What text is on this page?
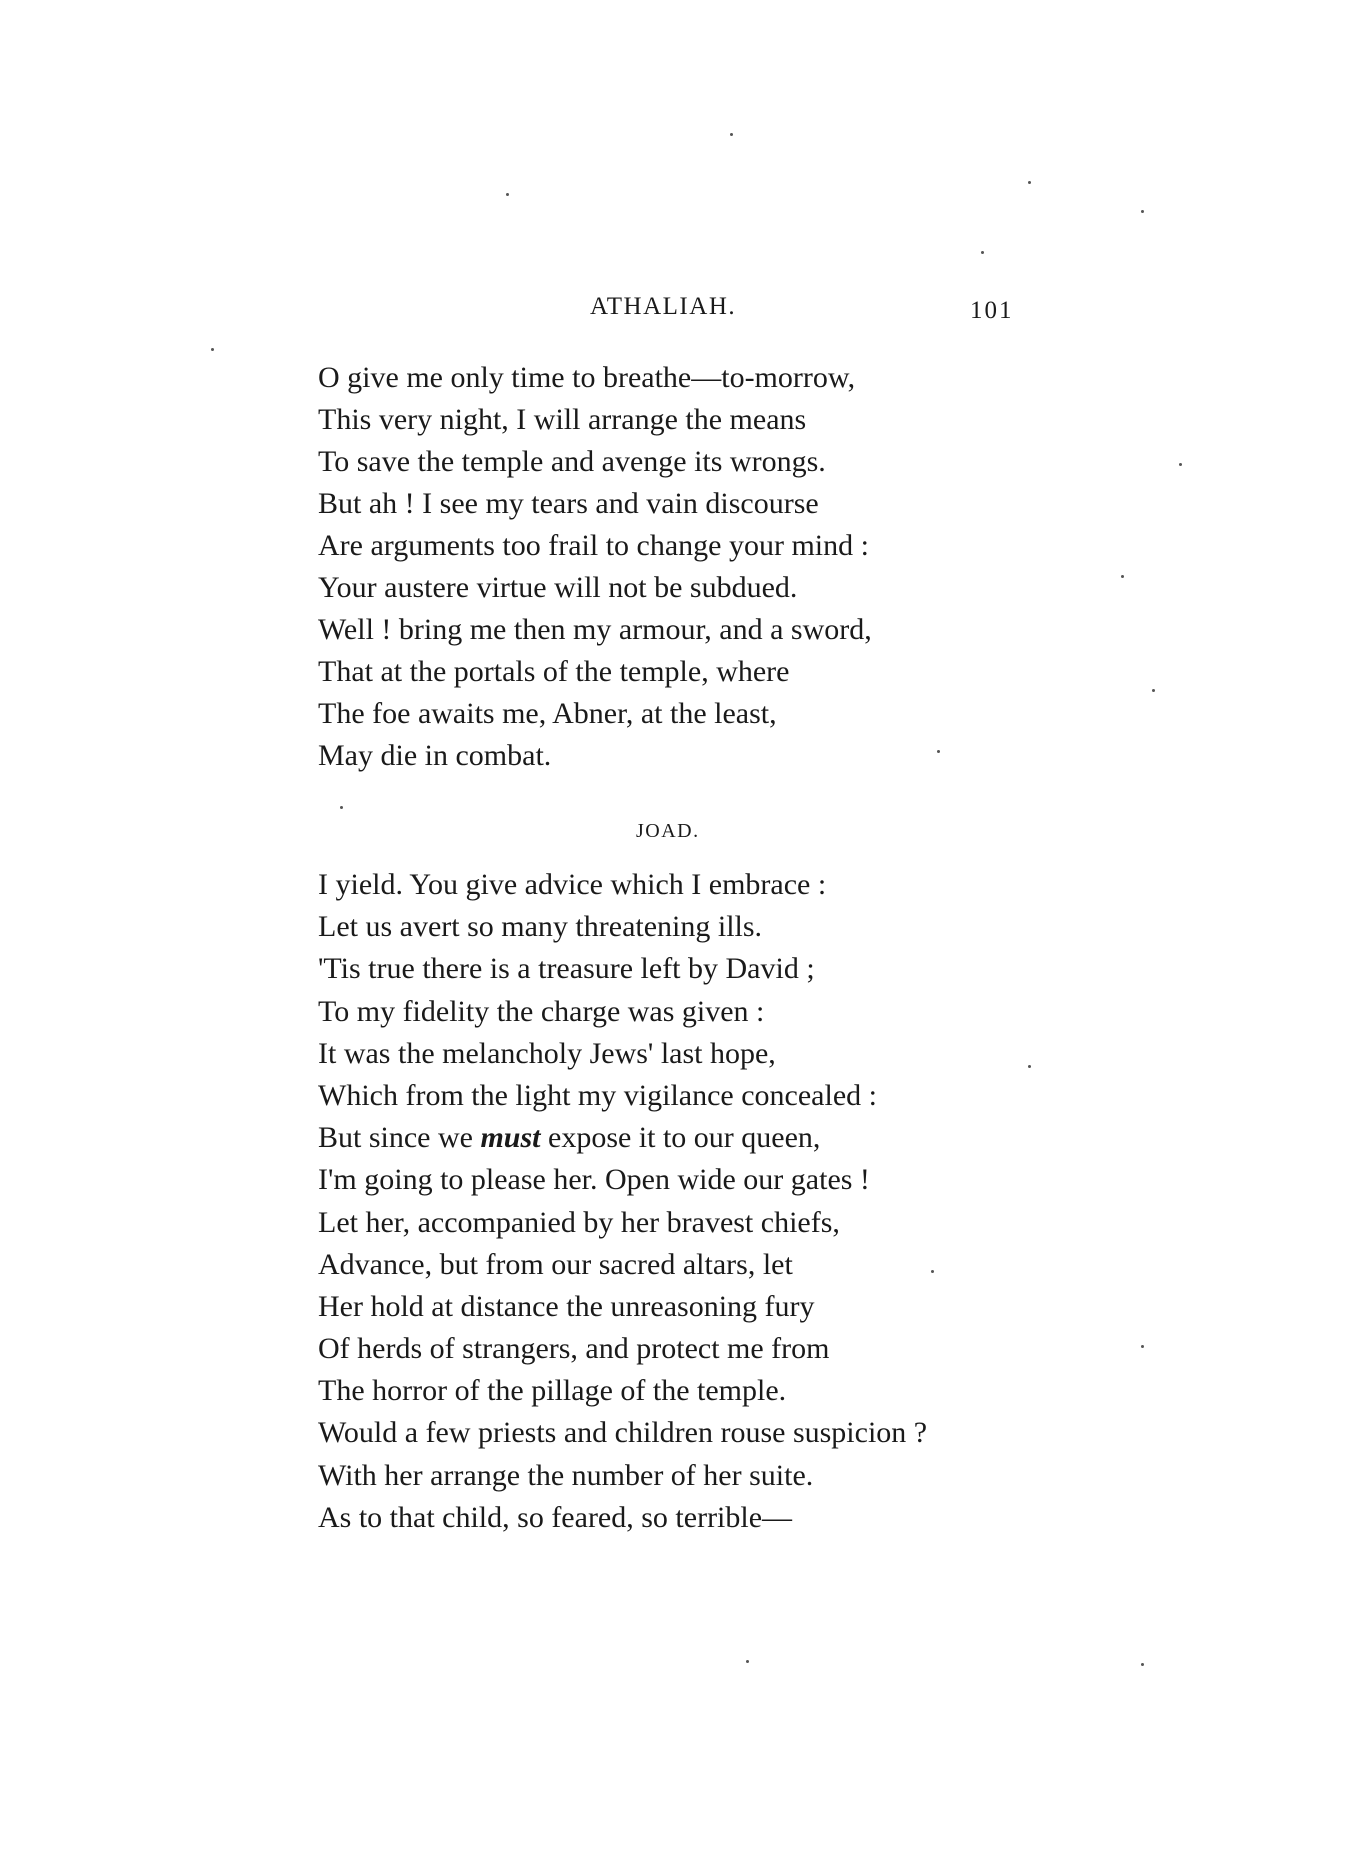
ATHALIAH.	101
O give me only time to breathe—to-morrow,
This very night, I will arrange the means
To save the temple and avenge its wrongs.
But ah ! I see my tears and vain discourse
Are arguments too frail to change your mind :
Your austere virtue will not be subdued.
Well ! bring me then my armour, and a sword,
That at the portals of the temple, where
The foe awaits me, Abner, at the least,
May die in combat.
JOAD.
I yield. You give advice which I embrace :
Let us avert so many threatening ills.
'Tis true there is a treasure left by David ;
To my fidelity the charge was given :
It was the melancholy Jews' last hope,
Which from the light my vigilance concealed :
But since we must expose it to our queen,
I'm going to please her. Open wide our gates !
Let her, accompanied by her bravest chiefs,
Advance, but from our sacred altars, let
Her hold at distance the unreasoning fury
Of herds of strangers, and protect me from
The horror of the pillage of the temple.
Would a few priests and children rouse suspicion ?
With her arrange the number of her suite.
As to that child, so feared, so terrible—
